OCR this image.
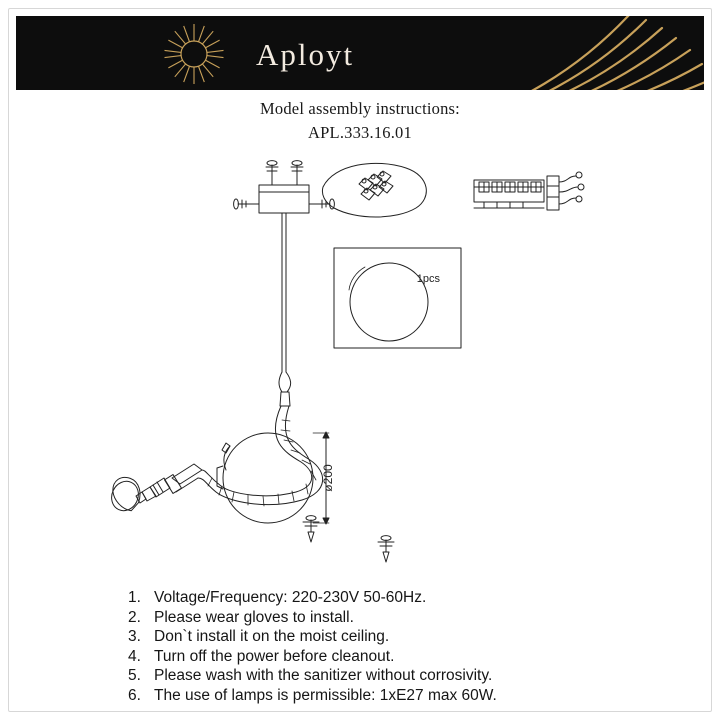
Aployt
Model assembly instructions:
APL.333.16.01
1pcs
ø200
1. Voltage/Frequency: 220-230V 50-60Hz.
2. Please wear gloves to install.
3. Don`t install it on the moist ceiling.
4. Turn off the power before cleanout.
5. Please wash with the sanitizer without corrosivity.
6. The use of lamps is permissible: 1xE27 max 60W.
